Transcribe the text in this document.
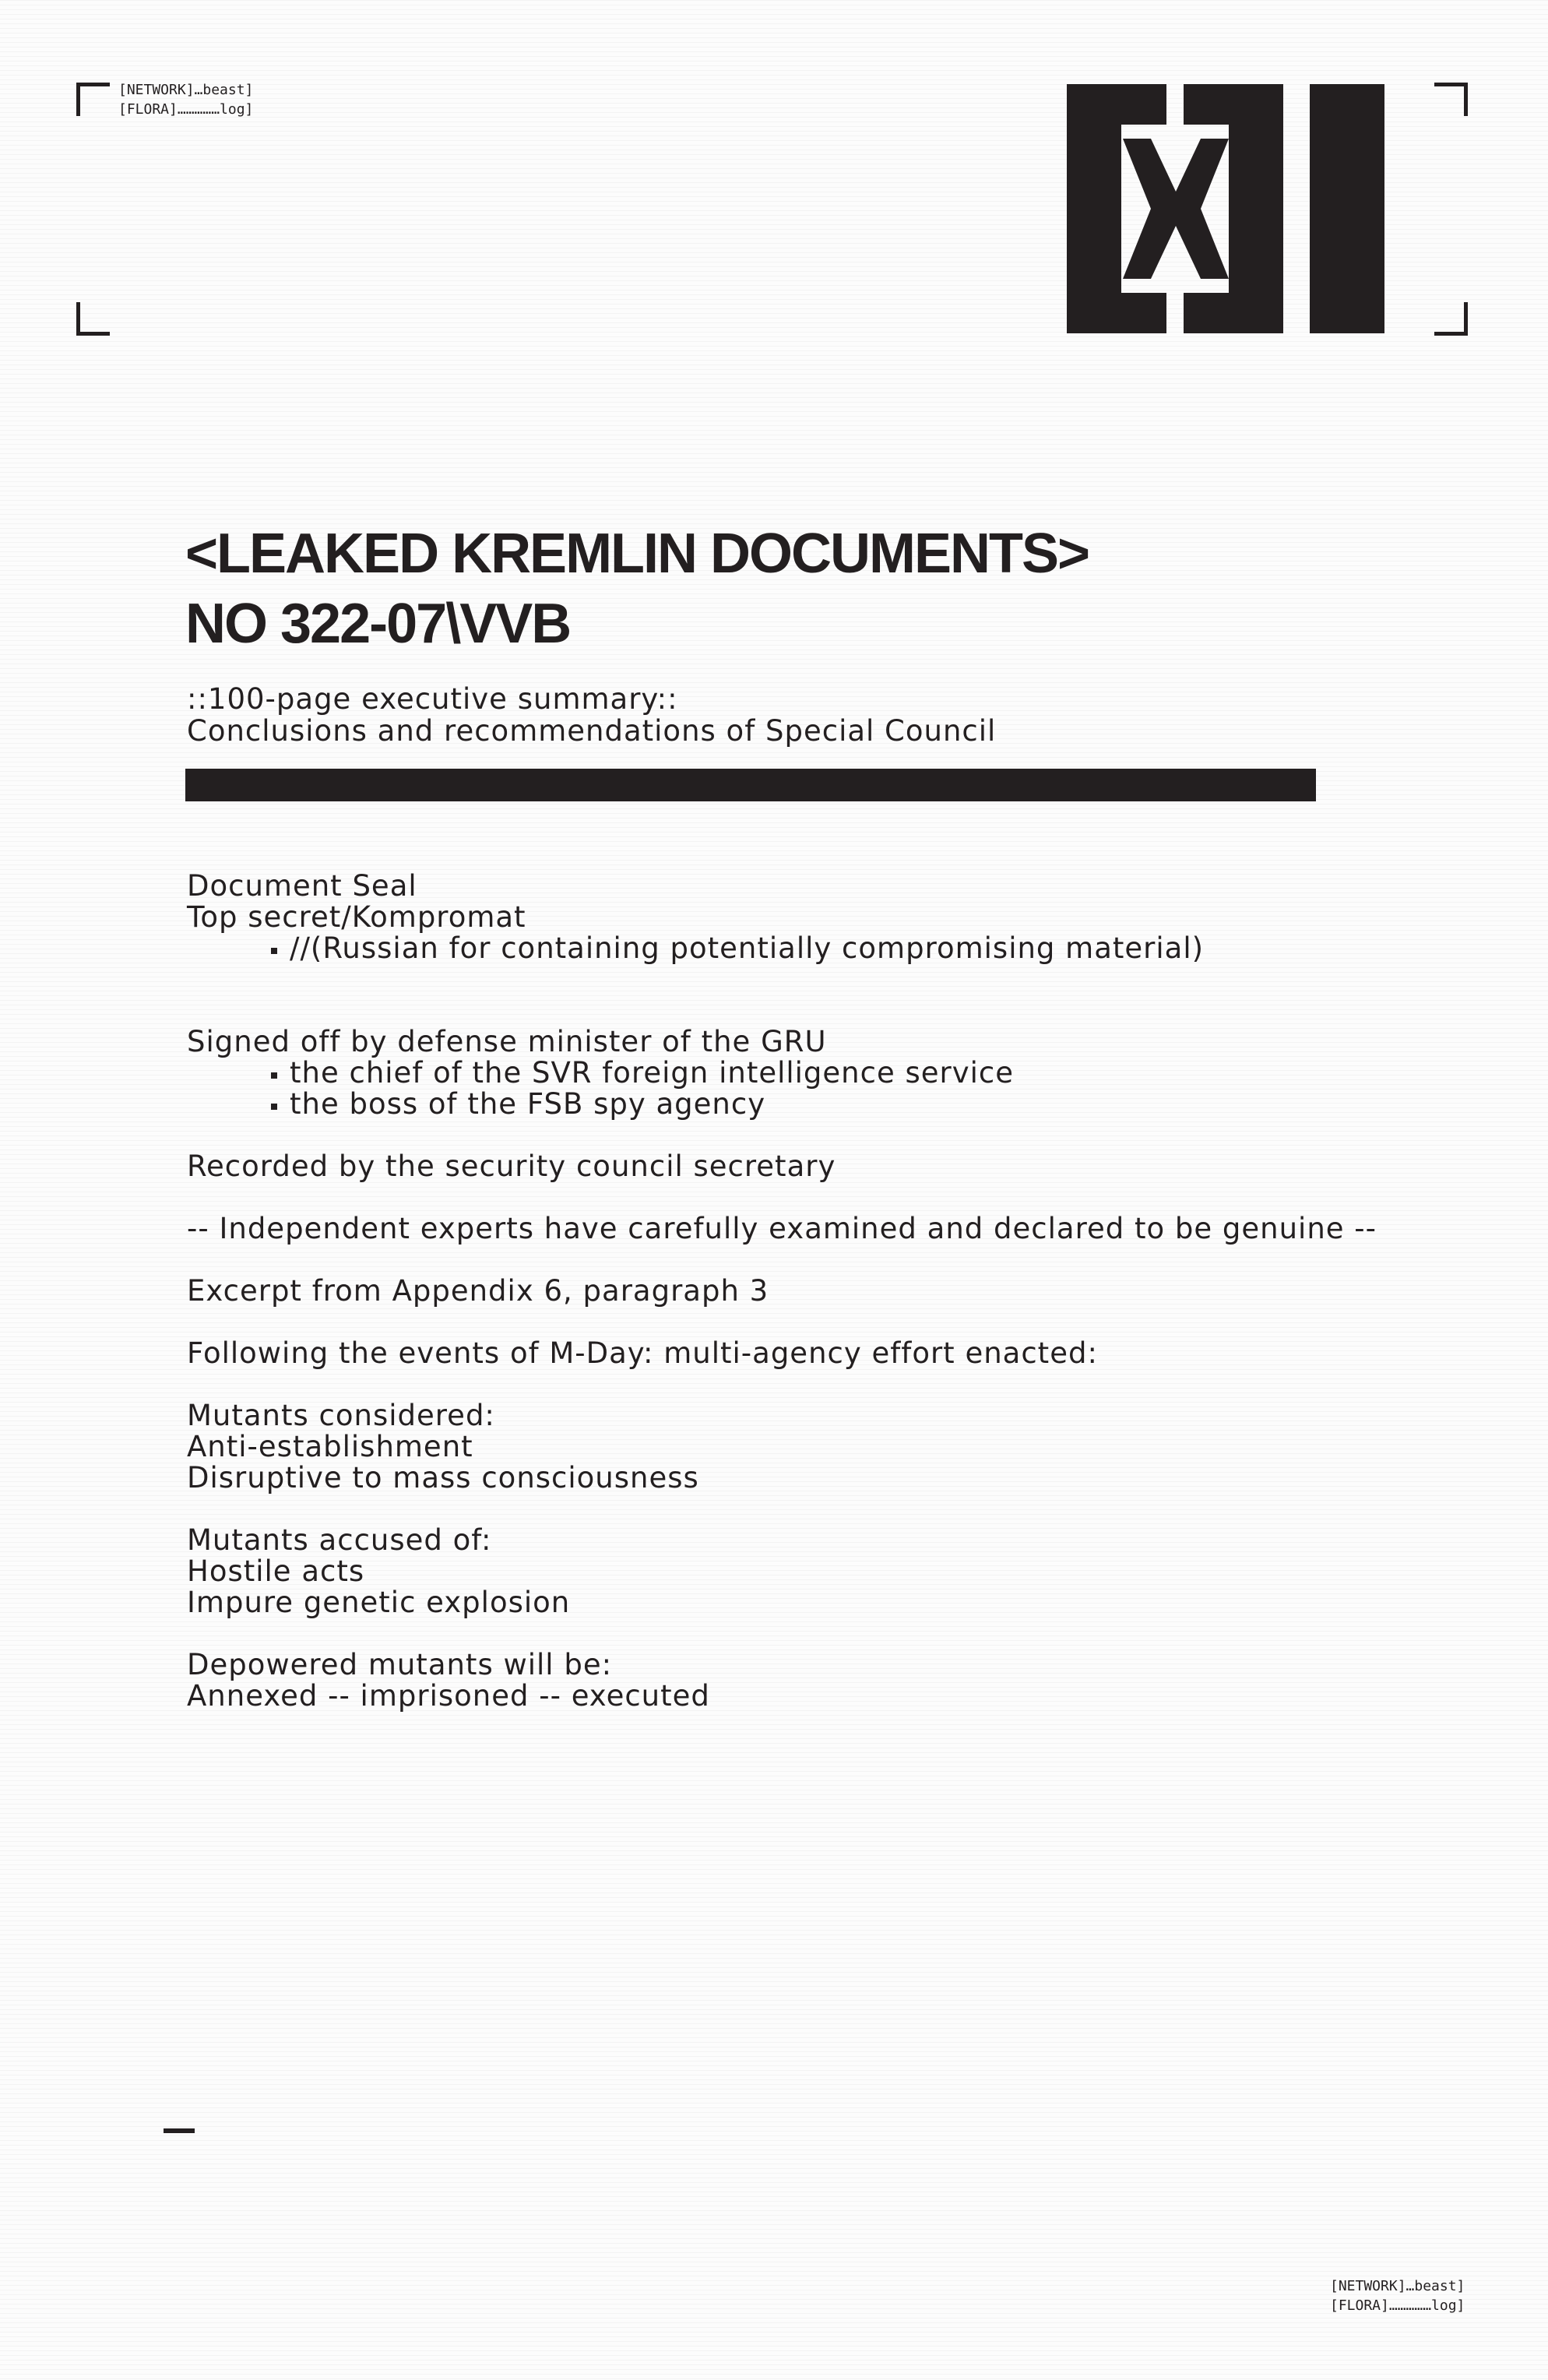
[NETWORK]…beast]
[FLORA]……………log]
<LEAKED KREMLIN DOCUMENTS>
NO 322-07\VVB
::100-page executive summary::
Conclusions and recommendations of Special Council

Document Seal

Top secret/Kompromat

//(Russian for containing potentially compromising material)

Signed off by defense minister of the GRU

the chief of the SVR foreign intelligence service

the boss of the FSB spy agency

Recorded by the security council secretary

-- Independent experts have carefully examined and declared to be genuine --

Excerpt from Appendix 6, paragraph 3

Following the events of M-Day: multi-agency effort enacted:

Mutants considered:

Anti-establishment

Disruptive to mass consciousness

Mutants accused of:

Hostile acts

Impure genetic explosion

Depowered mutants will be:

Annexed -- imprisoned -- executed

[NETWORK]…beast]
[FLORA]……………log]
